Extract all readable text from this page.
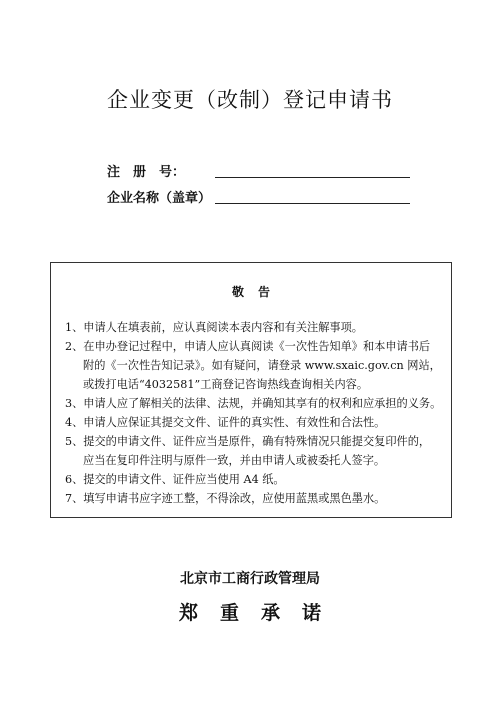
企业变更（改制）登记申请书
注　册　号：
企业名称（盖章）
敬告
1、申请人在填表前，应认真阅读本表内容和有关注解事项。
2、在申办登记过程中，申请人应认真阅读《一次性告知单》和本申请书后
附的《一次性告知记录》。如有疑问，请登录 www.sxaic.gov.cn 网站，
或拨打电话“4032581”工商登记咨询热线查询相关内容。
3、申请人应了解相关的法律、法规，并确知其享有的权利和应承担的义务。
4、申请人应保证其提交文件、证件的真实性、有效性和合法性。
5、提交的申请文件、证件应当是原件，确有特殊情况只能提交复印件的，
应当在复印件注明与原件一致，并由申请人或被委托人签字。
6、提交的申请文件、证件应当使用 A4 纸。
7、填写申请书应字迹工整，不得涂改，应使用蓝黑或黑色墨水。
北京市工商行政管理局
郑重承诺
